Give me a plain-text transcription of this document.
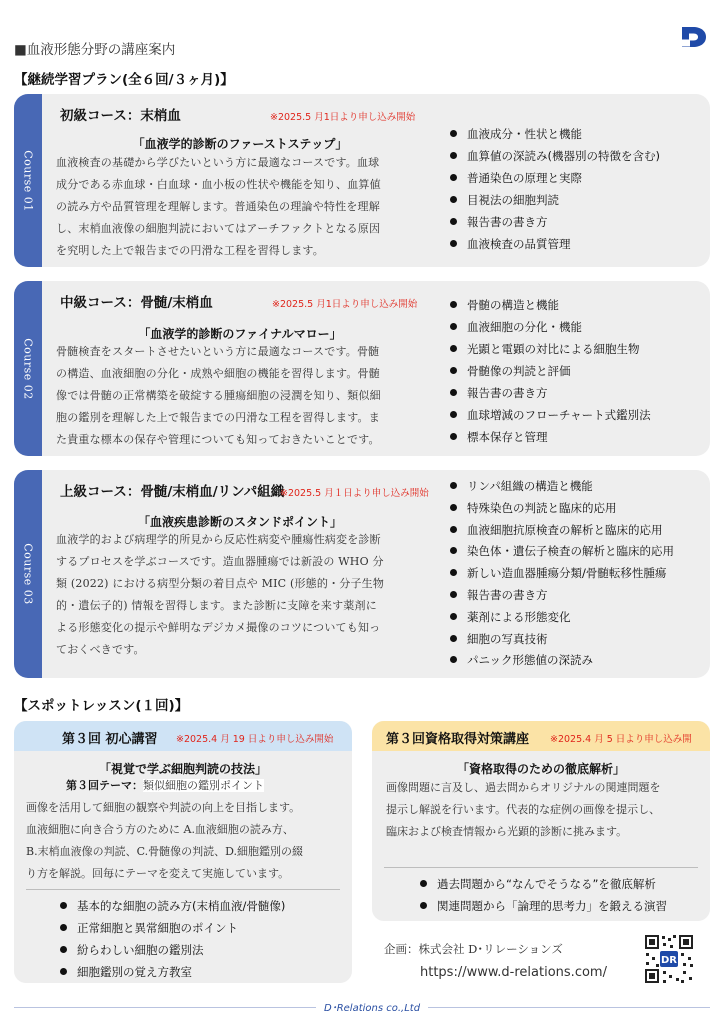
■血液形態分野の講座案内
【継続学習プラン(全６回/３ヶ月)】
Course 01
初級コース：末梢血	※2025.5 月1日より申し込み開始
「血液学的診断のファーストステップ」
血液検査の基礎から学びたいという方に最適なコースです。血球
成分である赤血球・白血球・血小板の性状や機能を知り、血算値
の読み方や品質管理を理解します。普通染色の理論や特性を理解
し、末梢血液像の細胞判読においてはアーチファクトとなる原因
を究明した上で報告までの円滑な工程を習得します。
血液成分・性状と機能
血算値の深読み(機器別の特徴を含む)
普通染色の原理と実際
目視法の細胞判読
報告書の書き方
血液検査の品質管理
Course 02
中級コース：骨髄/末梢血	※2025.5 月1日より申し込み開始
「血液学的診断のファイナルマロー」
骨髄検査をスタートさせたいという方に最適なコースです。骨髄
の構造、血液細胞の分化・成熟や細胞の機能を習得します。骨髄
像では骨髄の正常構築を破綻する腫瘍細胞の浸潤を知り、類似細
胞の鑑別を理解した上で報告までの円滑な工程を習得します。ま
た貴重な標本の保存や管理についても知っておきたいことです。
骨髄の構造と機能
血液細胞の分化・機能
光顕と電顕の対比による細胞生物
骨髄像の判読と評価
報告書の書き方
血球増減のフローチャート式鑑別法
標本保存と管理
Course 03
上級コース：骨髄/末梢血/リンパ組織
※2025.5 月１日より申し込み開始
「血液疾患診断のスタンドポイント」
血液学的および病理学的所見から反応性病変や腫瘍性病変を診断
するプロセスを学ぶコースです。造血器腫瘍では新設の WHO 分
類 (2022) における病型分類の着目点や MIC (形態的・分子生物
的・遺伝子的) 情報を習得します。また診断に支障を来す薬剤に
よる形態変化の提示や鮮明なデジカメ撮像のコツについても知っ
ておくべきです。
リンパ組織の構造と機能
特殊染色の判読と臨床的応用
血液細胞抗原検査の解析と臨床的応用
染色体・遺伝子検査の解析と臨床的応用
新しい造血器腫瘍分類/骨髄転移性腫瘍
報告書の書き方
薬剤による形態変化
細胞の写真技術
パニック形態値の深読み
【スポットレッスン(１回)】
第３回 初心講習 ※2025.4 月 19 日より申し込み開始
「視覚で学ぶ細胞判読の技法」
第３回テーマ：類似細胞の鑑別ポイント
画像を活用して細胞の観察や判読の向上を目指します。
血液細胞に向き合う方のために A.血液細胞の読み方、
B.末梢血液像の判読、C.骨髄像の判読、D.細胞鑑別の綴
り方を解説。回毎にテーマを変えて実施しています。
基本的な細胞の読み方(末梢血液/骨髄像)
正常細胞と異常細胞のポイント
紛らわしい細胞の鑑別法
細胞鑑別の覚え方教室
第３回資格取得対策講座 ※2025.4 月 5 日より申し込み開
「資格取得のための徹底解析」
画像問題に言及し、過去問からオリジナルの関連問題を
提示し解説を行います。代表的な症例の画像を提示し、
臨床および検査情報から光顕的診断に挑みます。
過去問題から“なんでそうなる”を徹底解析
関連問題から「論理的思考力」を鍛える演習
企画：株式会社 D･リレーションズ
https://www.d-relations.com/
DR
D･Relations co.,Ltd
